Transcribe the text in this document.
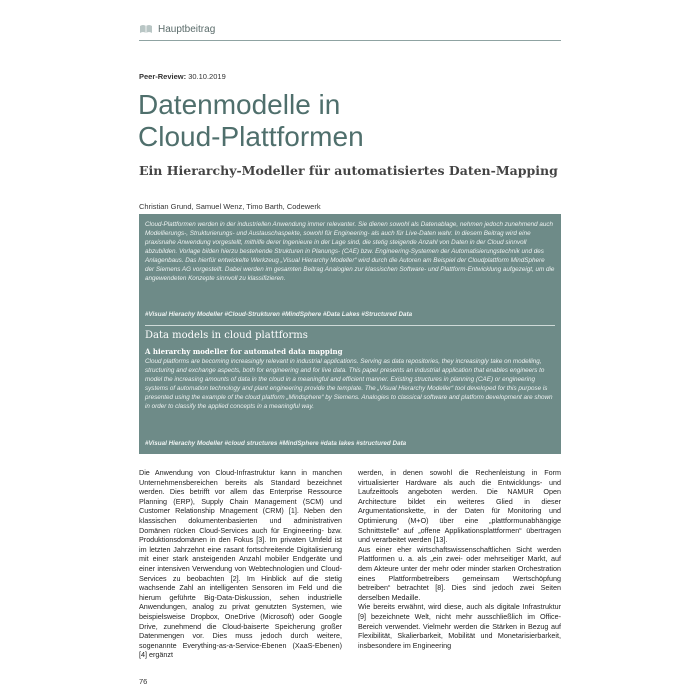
Hauptbeitrag
Peer-Review: 30.10.2019
Datenmodelle in
Cloud-Plattformen
Ein Hierarchy-Modeller für automatisiertes Daten-Mapping
Christian Grund, Samuel Wenz, Timo Barth, Codewerk

Cloud-Plattformen werden in der industriellen Anwendung immer relevanter. Sie dienen sowohl als Datenablage, nehmen jedoch zunehmend auch Modellierungs-, Strukturierungs- und Austauschaspekte, sowohl für Engineering- als auch für Live-Daten wahr. In diesem Beitrag wird eine praxisnahe Anwendung vorgestellt, mithilfe derer Ingenieure in der Lage sind, die stetig steigende Anzahl von Daten in der Cloud sinnvoll abzubilden. Vorlage bilden hierzu bestehende Strukturen in Planungs- (CAE) bzw. Engineering-Systemen der Automatisierungstechnik und des Anlagenbaus. Das hierfür entwickelte Werkzeug „Visual Hierarchy Modeller“ wird durch die Autoren am Beispiel der Cloudplattform MindSphere der Siemens AG vorgestellt. Dabei werden im gesamten Beitrag Analogien zur klassischen Software- und Plattform-Entwicklung aufgezeigt, um die angewendeten Konzepte sinnvoll zu klassifizieren.

#Visual Hierachy Modeller #Cloud-Strukturen #MindSphere #Data Lakes #Structured Data

Data models in cloud plattforms

A hierarchy modeller for automated data mapping

Cloud platforms are becoming increasingly relevant in industrial applications. Serving as data repositories, they increasingly take on modelling, structuring and exchange aspects, both for engineering and for live data. This paper presents an industrial application that enables engineers to model the increasing amounts of data in the cloud in a meaningful and efficient manner. Existing structures in planning (CAE) or engineering systems of automation technology and plant engineering provide the template. The „Visual Hierarchy Modeller“ tool developed for this purpose is presented using the example of the cloud platform „Mindsphere“ by Siemens. Analogies to classical software and platform development are shown in order to classify the applied concepts in a meaningful way.

#Visual Hierachy Modeller #cloud structures #MindSphere #data lakes #structured Data

Die Anwendung von Cloud-Infrastruktur kann in manchen Unternehmensbereichen bereits als Standard bezeichnet werden. Dies betrifft vor allem das Enterprise Ressource Planning (ERP), Supply Chain Management (SCM) und Customer Relationship Mnagement (CRM) [1]. Neben den klassischen dokumentenbasierten und administrativen Domänen rücken Cloud-Services auch für Engineering- bzw. Produktionsdomänen in den Fokus [3]. Im privaten Umfeld ist im letzten Jahrzehnt eine rasant fortschreitende Digitalisierung mit einer stark ansteigenden Anzahl mobiler Endgeräte und einer intensiven Verwendung von Webtechnologien und Cloud-Services zu beobachten [2]. Im Hinblick auf die stetig wachsende Zahl an intelligenten Sensoren im Feld und die hierum geführte Big-Data-Diskussion, sehen industrielle Anwendungen, analog zu privat genutzten Systemen, wie beispielsweise Dropbox, OneDrive (Microsoft) oder Google Drive, zunehmend die Cloud-baiserte Speicherung großer Datenmengen vor. Dies muss jedoch durch weitere, sogenannte Everything-as-a-Service-Ebenen (XaaS-Ebenen) [4] ergänzt

werden, in denen sowohl die Rechenleistung in Form virtualisierter Hardware als auch die Entwicklungs- und Laufzeittools angeboten werden. Die NAMUR Open Architecture bildet ein weiteres Glied in dieser Argumentationskette, in der Daten für Monitoring und Optimierung (M+O) über eine „plattformunabhängige Schnittstelle“ auf „offene Applikationsplattformen“ übertragen und verarbeitet werden [13].

Aus einer eher wirtschaftswissenschaftlichen Sicht werden Plattformen u. a. als „ein zwei- oder mehrseitiger Markt, auf dem Akteure unter der mehr oder minder starken Orchestration eines Plattformbetreibers gemeinsam Wertschöpfung betreiben“ betrachtet [8]. Dies sind jedoch zwei Seiten derselben Medaille.

Wie bereits erwähnt, wird diese, auch als digitale Infrastruktur [9] bezeichnete Welt, nicht mehr ausschließlich im Office-Bereich verwendet. Vielmehr werden die Stärken in Bezug auf Flexibilität, Skalierbarkeit, Mobilität und Monetarisierbarkeit, insbesondere im Engineering

76
